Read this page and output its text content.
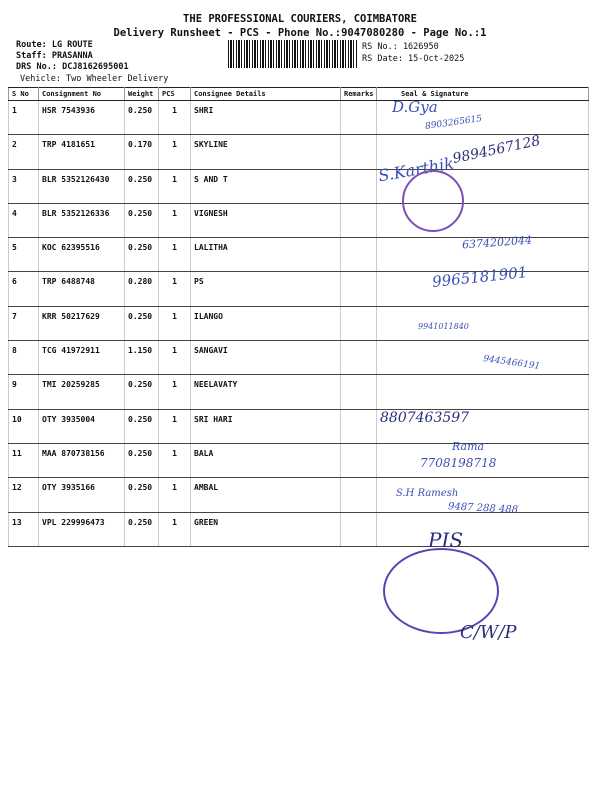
THE PROFESSIONAL COURIERS, COIMBATORE
Delivery Runsheet - PCS - Phone No.:9047080280 - Page No.:1
Route: LG ROUTE
Staff: PRASANNA
DRS No.: DCJ8162695001
Vehicle: Two Wheeler Delivery
RS No.: 1626950
RS Date: 15-Oct-2025
S No	Consignment No	Weight	PCS	Consignee Details	Remarks	Seal & Signature
1	HSR 7543936	0.250	1	SHRI		
2	TRP 4181651	0.170	1	SKYLINE		
3	BLR 5352126430	0.250	1	S AND T		
4	BLR 5352126336	0.250	1	VIGNESH		
5	KOC 62395516	0.250	1	LALITHA		
6	TRP 6488748	0.280	1	PS		
7	KRR 50217629	0.250	1	ILANGO		
8	TCG 41972911	1.150	1	SANGAVI		
9	TMI 20259285	0.250	1	NEELAVATY		
10	OTY 3935004	0.250	1	SRI HARI		
11	MAA 870738156	0.250	1	BALA		
12	OTY 3935166	0.250	1	AMBAL		
13	VPL 229996473	0.250	1	GREEN		
D.Gya
8903265615
S.Karthik
9894567128
6374202044
9965181901
9941011840
9445466191
8807463597
Rama
7708198718
S.H Ramesh
9487 288 488
PIS
C/W/P
